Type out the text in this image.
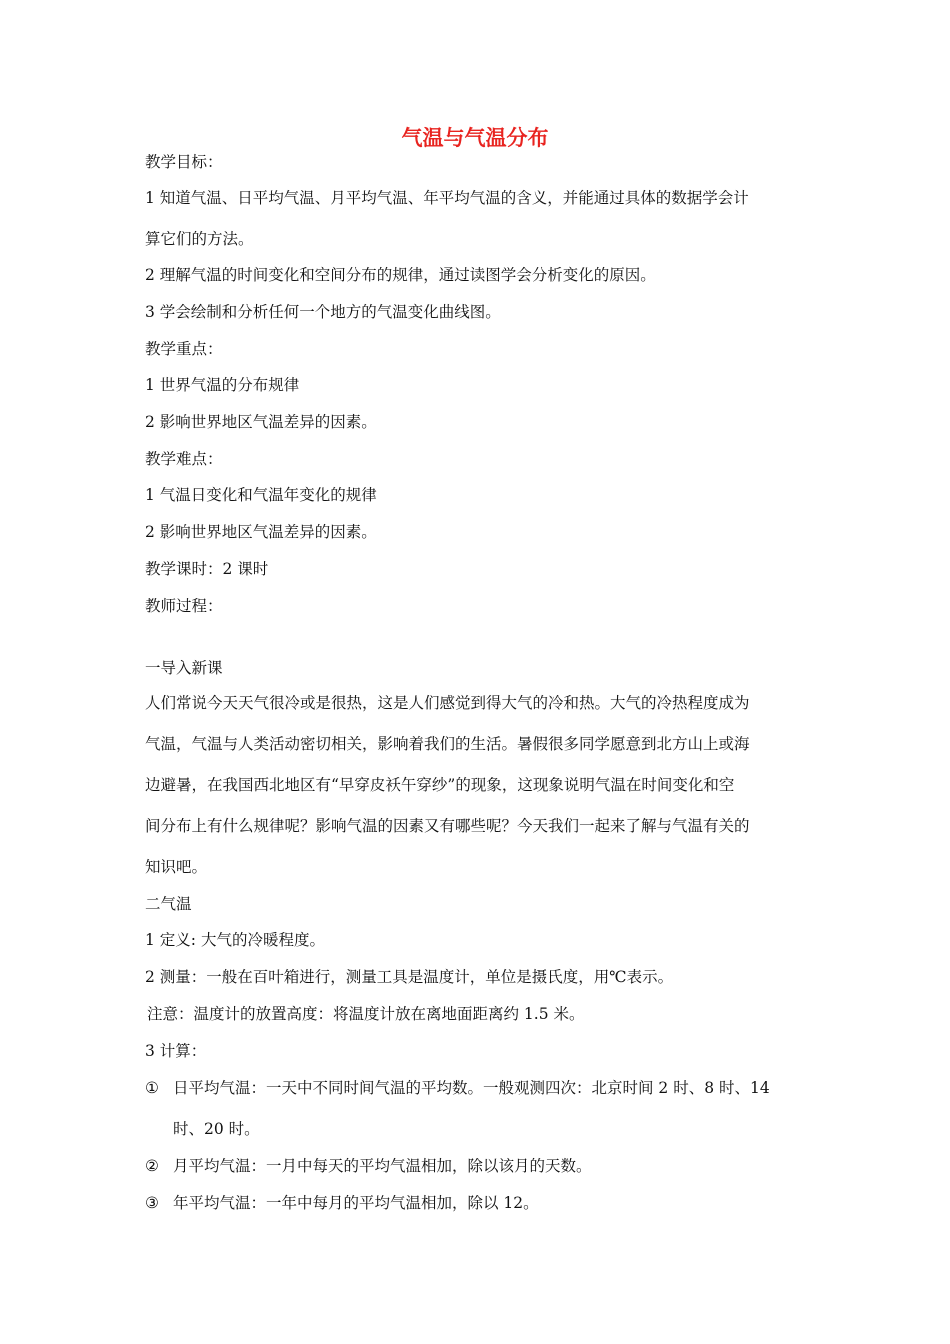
气温与气温分布
教学目标：
1 知道气温、日平均气温、月平均气温、年平均气温的含义，并能通过具体的数据学会计
算它们的方法。
2 理解气温的时间变化和空间分布的规律，通过读图学会分析变化的原因。
3 学会绘制和分析任何一个地方的气温变化曲线图。
教学重点：
1 世界气温的分布规律
2 影响世界地区气温差异的因素。
教学难点：
1 气温日变化和气温年变化的规律
2 影响世界地区气温差异的因素。
教学课时：2 课时
教师过程：
一导入新课
人们常说今天天气很冷或是很热，这是人们感觉到得大气的冷和热。大气的冷热程度成为
气温，气温与人类活动密切相关，影响着我们的生活。暑假很多同学愿意到北方山上或海
边避暑，在我国西北地区有“早穿皮袄午穿纱”的现象，这现象说明气温在时间变化和空
间分布上有什么规律呢？影响气温的因素又有哪些呢？今天我们一起来了解与气温有关的
知识吧。
二气温
1 定义: 大气的冷暖程度。
2 测量：一般在百叶箱进行，测量工具是温度计，单位是摄氏度，用℃表示。
注意：温度计的放置高度：将温度计放在离地面距离约 1.5 米。
3 计算：
① 日平均气温：一天中不同时间气温的平均数。一般观测四次：北京时间 2 时、8 时、14
时、20 时。
② 月平均气温：一月中每天的平均气温相加，除以该月的天数。
③ 年平均气温：一年中每月的平均气温相加，除以 12。
